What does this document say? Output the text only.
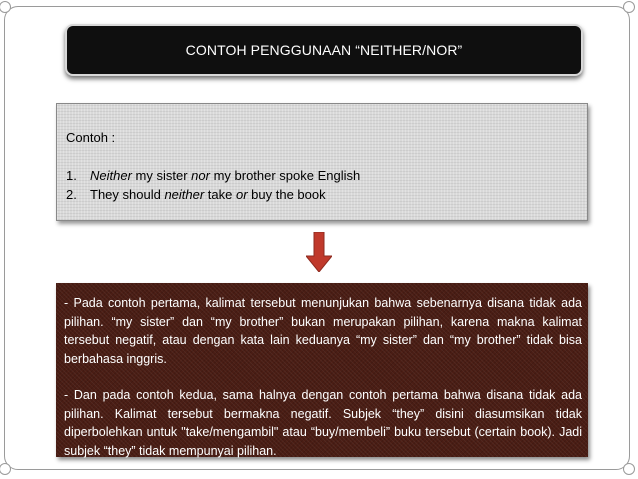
CONTOH PENGGUNAAN “NEITHER/NOR”
Contoh :
1.	Neither my sister nor my brother spoke English
2.	They should neither take or buy the book

- Pada contoh pertama, kalimat tersebut menunjukan bahwa sebenarnya disana tidak ada pilihan. “my sister” dan “my brother” bukan merupakan pilihan, karena makna kalimat tersebut negatif, atau dengan kata lain keduanya “my sister” dan “my brother” tidak bisa berbahasa inggris.

- Dan pada contoh kedua, sama halnya dengan contoh pertama bahwa disana tidak ada pilihan. Kalimat tersebut bermakna negatif. Subjek “they” disini diasumsikan tidak diperbolehkan untuk "take/mengambil" atau “buy/membeli” buku tersebut (certain book). Jadi subjek “they” tidak mempunyai pilihan.
